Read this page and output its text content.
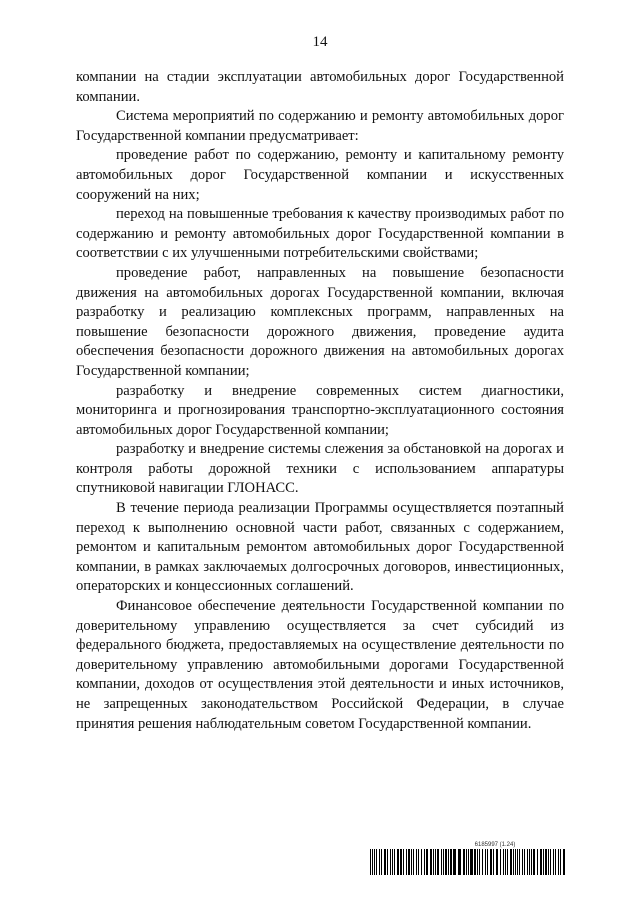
14

компании на стадии эксплуатации автомобильных дорог Государственной компании.

Система мероприятий по содержанию и ремонту автомобильных дорог Государственной компании предусматривает:

проведение работ по содержанию, ремонту и капитальному ремонту автомобильных дорог Государственной компании и искусственных сооружений на них;

переход на повышенные требования к качеству производимых работ по содержанию и ремонту автомобильных дорог Государственной компании в соответствии с их улучшенными потребительскими свойствами;

проведение работ, направленных на повышение безопасности движения на автомобильных дорогах Государственной компании, включая разработку и реализацию комплексных программ, направленных на повышение безопасности дорожного движения, проведение аудита обеспечения безопасности дорожного движения на автомобильных дорогах Государственной компании;

разработку и внедрение современных систем диагностики, мониторинга и прогнозирования транспортно-эксплуатационного состояния автомобильных дорог Государственной компании;

разработку и внедрение системы слежения за обстановкой на дорогах и контроля работы дорожной техники с использованием аппаратуры спутниковой навигации ГЛОНАСС.

В течение периода реализации Программы осуществляется поэтапный переход к выполнению основной части работ, связанных с содержанием, ремонтом и капитальным ремонтом автомобильных дорог Государственной компании, в рамках заключаемых долгосрочных договоров, инвестиционных, операторских и концессионных соглашений.

Финансовое обеспечение деятельности Государственной компании по доверительному управлению осуществляется за счет субсидий из федерального бюджета, предоставляемых на осуществление деятельности по доверительному управлению автомобильными дорогами Государственной компании, доходов от осуществления этой деятельности и иных источников, не запрещенных законодательством Российской Федерации, в случае принятия решения наблюдательным советом Государственной компании.

6185997 (1.24)
